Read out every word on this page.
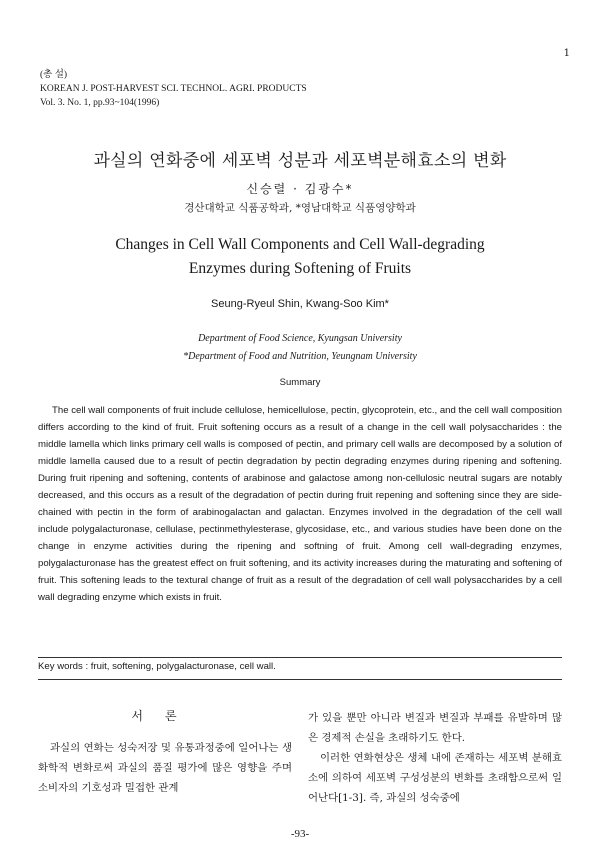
1
(총 설)
KOREAN J. POST-HARVEST SCI. TECHNOL. AGRI. PRODUCTS
Vol. 3. No. 1, pp.93~104(1996)
과실의 연화중에 세포벽 성분과 세포벽분해효소의 변화
신승렬 · 김광수*
경산대학교 식품공학과, *영남대학교 식품영양학과
Changes in Cell Wall Components and Cell Wall-degrading
Enzymes during Softening of Fruits
Seung-Ryeul Shin, Kwang-Soo Kim*
Department of Food Science, Kyungsan University
*Department of Food and Nutrition, Yeungnam University
Summary

The cell wall components of fruit include cellulose, hemicellulose, pectin, glycoprotein, etc., and the cell wall composition differs according to the kind of fruit. Fruit softening occurs as a result of a change in the cell wall polysaccharides : the middle lamella which links primary cell walls is composed of pectin, and primary cell walls are decomposed by a solution of middle lamella caused due to a result of pectin degradation by pectin degrading enzymes during ripening and softening. During fruit ripening and softening, contents of arabinose and galactose among non-cellulosic neutral sugars are notably decreased, and this occurs as a result of the degradation of pectin during fruit repening and softening since they are side-chained with pectin in the form of arabinogalactan and galactan. Enzymes involved in the degradation of the cell wall include polygalacturonase, cellulase, pectinmethylesterase, glycosidase, etc., and various studies have been done on the change in enzyme activities during the ripening and softning of fruit. Among cell wall-degrading enzymes, polygalacturonase has the greatest effect on fruit softening, and its activity increases during the maturating and softening of fruit. This softening leads to the textural change of fruit as a result of the degradation of cell wall polysaccharides by a cell wall degrading enzyme which exists in fruit.

Key words : fruit, softening, polygalacturonase, cell wall.
서론

과실의 연화는 성숙저장 및 유통과정중에 일어나는 생화학적 변화로써 과실의 품질 평가에 많은 영향을 주며 소비자의 기호성과 밀접한 관계

가 있을 뿐만 아니라 변질과 변질과 부패를 유발하며 많은 경제적 손실을 초래하기도 한다.

이러한 연화현상은 생체 내에 존재하는 세포벽 분해효소에 의하여 세포벽 구성성분의 변화를 초래함으로써 일어난다[1-3]. 즉, 과실의 성숙중에

-93-
